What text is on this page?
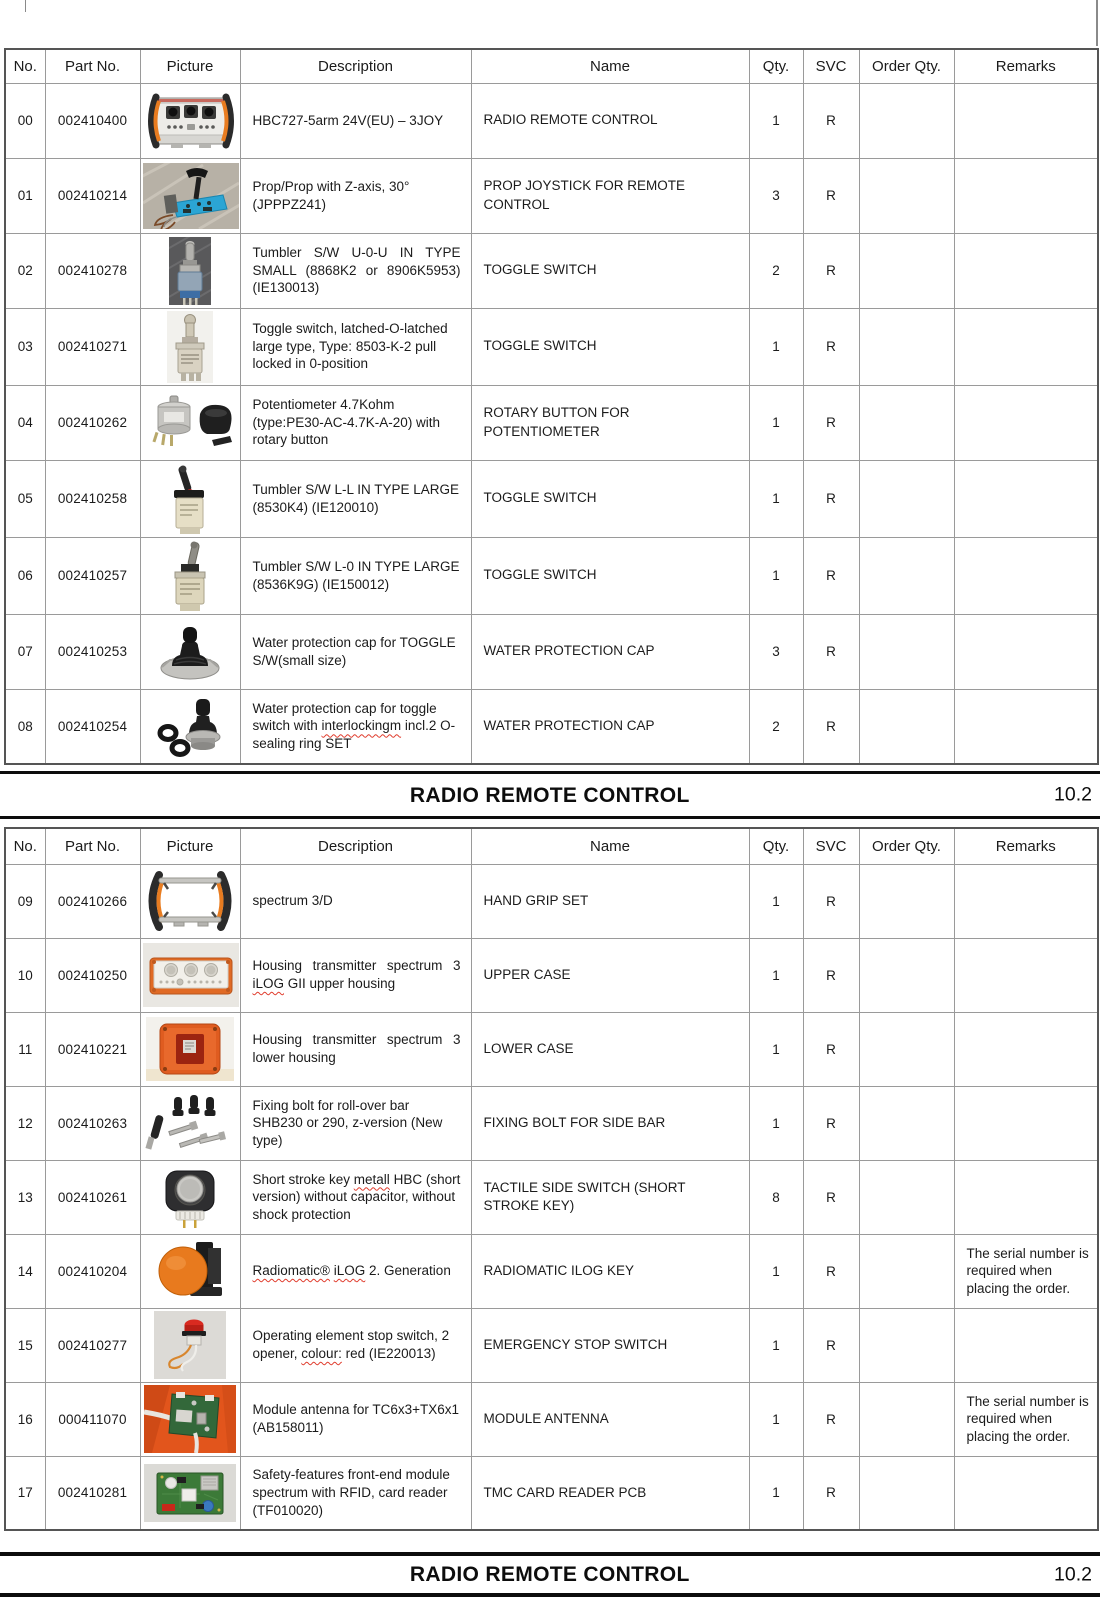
No.	Part No.	Picture	Description	Name	Qty.	SVC	Order Qty.	Remarks
00	002410400		HBC727-5arm 24V(EU) – 3JOY	RADIO REMOTE CONTROL	1	R		
01	002410214		Prop/Prop with Z-axis, 30° (JPPPZ241)	PROP JOYSTICK FOR REMOTE CONTROL	3	R		
02	002410278		Tumbler S/W U-0-U IN TYPE SMALL (8868K2 or 8906K5953) (IE130013)	TOGGLE SWITCH	2	R		
03	002410271		Toggle switch, latched-O-latched large type, Type: 8503-K-2 pull locked in 0-position	TOGGLE SWITCH	1	R		
04	002410262		Potentiometer 4.7Kohm (type:PE30-AC-4.7K-A-20) with rotary button	ROTARY BUTTON FOR POTENTIOMETER	1	R		
05	002410258		Tumbler S/W L-L IN TYPE LARGE (8530K4) (IE120010)	TOGGLE SWITCH	1	R		
06	002410257		Tumbler S/W L-0 IN TYPE LARGE (8536K9G) (IE150012)	TOGGLE SWITCH	1	R		
07	002410253		Water protection cap for TOGGLE S/W(small size)	WATER PROTECTION CAP	3	R		
08	002410254		Water protection cap for toggle switch with interlockingm incl.2 O-sealing ring SET	WATER PROTECTION CAP	2	R		
RADIO REMOTE CONTROL	10.2
No.	Part No.	Picture	Description	Name	Qty.	SVC	Order Qty.	Remarks
09	002410266		spectrum 3/D	HAND GRIP SET	1	R		
10	002410250		Housing transmitter spectrum 3 iLOG GII upper housing	UPPER CASE	1	R		
11	002410221		Housing transmitter spectrum 3 lower housing	LOWER CASE	1	R		
12	002410263		Fixing bolt for roll-over bar SHB230 or 290, z-version (New type)	FIXING BOLT FOR SIDE BAR	1	R		
13	002410261		Short stroke key metall HBC (short version) without capacitor, without shock protection	TACTILE SIDE SWITCH (SHORT STROKE KEY)	8	R		
14	002410204		Radiomatic® iLOG 2. Generation	RADIOMATIC ILOG KEY	1	R		The serial number is required when placing the order.
15	002410277		Operating element stop switch, 2 opener, colour: red (IE220013)	EMERGENCY STOP SWITCH	1	R		
16	000411070		Module antenna for TC6x3+TX6x1 (AB158011)	MODULE ANTENNA	1	R		The serial number is required when placing the order.
17	002410281		Safety-features front-end module spectrum with RFID, card reader (TF010020)	TMC CARD READER PCB	1	R		
RADIO REMOTE CONTROL	10.2
